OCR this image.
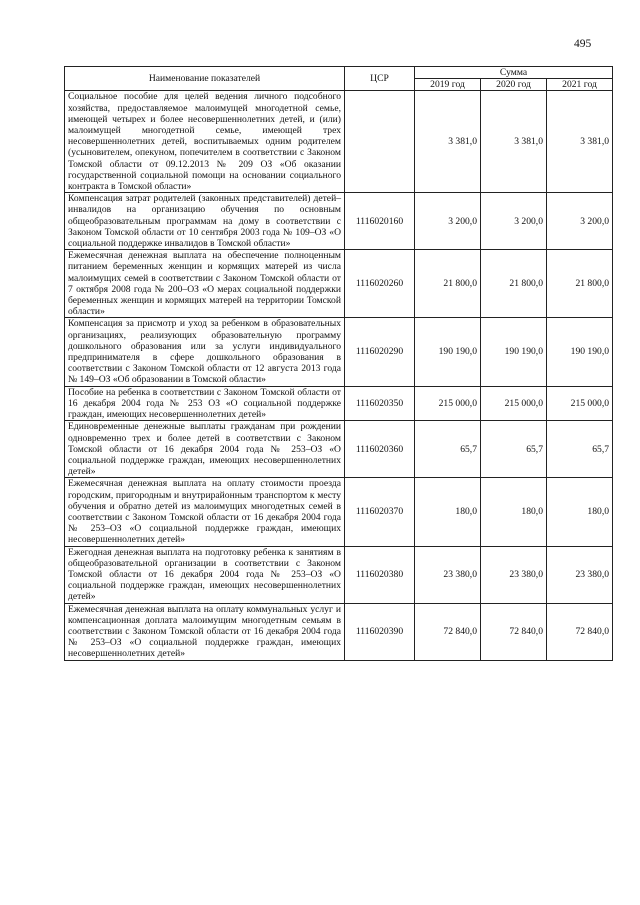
495
Наименование показателей	ЦСР	Сумма		
		2019 год	2020 год	2021 год
Социальное пособие для целей ведения личного подсобного хозяйства, предоставляемое малоимущей многодетной семье, имеющей четырех и более несовершеннолетних детей, и (или) малоимущей многодетной семье, имеющей трех несовершеннолетних детей, воспитываемых одним родителем (усыновителем, опекуном, попечителем в соответствии с Законом Томской области от 09.12.2013 № 209 ОЗ «Об оказании государственной социальной помощи на основании социального контракта в Томской области»		3 381,0	3 381,0	3 381,0
Компенсация затрат родителей (законных представителей) детей–инвалидов на организацию обучения по основным общеобразовательным программам на дому в соответствии с Законом Томской области от 10 сентября 2003 года № 109–ОЗ «О социальной поддержке инвалидов в Томской области»	1116020160	3 200,0	3 200,0	3 200,0
Ежемесячная денежная выплата на обеспечение полноценным питанием беременных женщин и кормящих матерей из числа малоимущих семей в соответствии с Законом Томской области от 7 октября 2008 года № 200–ОЗ «О мерах социальной поддержки беременных женщин и кормящих матерей на территории Томской области»	1116020260	21 800,0	21 800,0	21 800,0
Компенсация за присмотр и уход за ребенком в образовательных организациях, реализующих образовательную программу дошкольного образования или за услуги индивидуального предпринимателя в сфере дошкольного образования в соответствии с Законом Томской области от 12 августа 2013 года № 149–ОЗ «Об образовании в Томской области»	1116020290	190 190,0	190 190,0	190 190,0
Пособие на ребенка в соответствии с Законом Томской области от 16 декабря 2004 года № 253 ОЗ «О социальной поддержке граждан, имеющих несовершеннолетних детей»	1116020350	215 000,0	215 000,0	215 000,0
Единовременные денежные выплаты гражданам при рождении одновременно трех и более детей в соответствии с Законом Томской области от 16 декабря 2004 года № 253–ОЗ «О социальной поддержке граждан, имеющих несовершеннолетних детей»	1116020360	65,7	65,7	65,7
Ежемесячная денежная выплата на оплату стоимости проезда городским, пригородным и внутрирайонным транспортом к месту обучения и обратно детей из малоимущих многодетных семей в соответствии с Законом Томской области от 16 декабря 2004 года № 253–ОЗ «О социальной поддержке граждан, имеющих несовершеннолетних детей»	1116020370	180,0	180,0	180,0
Ежегодная денежная выплата на подготовку ребенка к занятиям в общеобразовательной организации в соответствии с Законом Томской области от 16 декабря 2004 года № 253–ОЗ «О социальной поддержке граждан, имеющих несовершеннолетних детей»	1116020380	23 380,0	23 380,0	23 380,0
Ежемесячная денежная выплата на оплату коммунальных услуг и компенсационная доплата малоимущим многодетным семьям в соответствии с Законом Томской области от 16 декабря 2004 года № 253–ОЗ «О социальной поддержке граждан, имеющих несовершеннолетних детей»	1116020390	72 840,0	72 840,0	72 840,0
